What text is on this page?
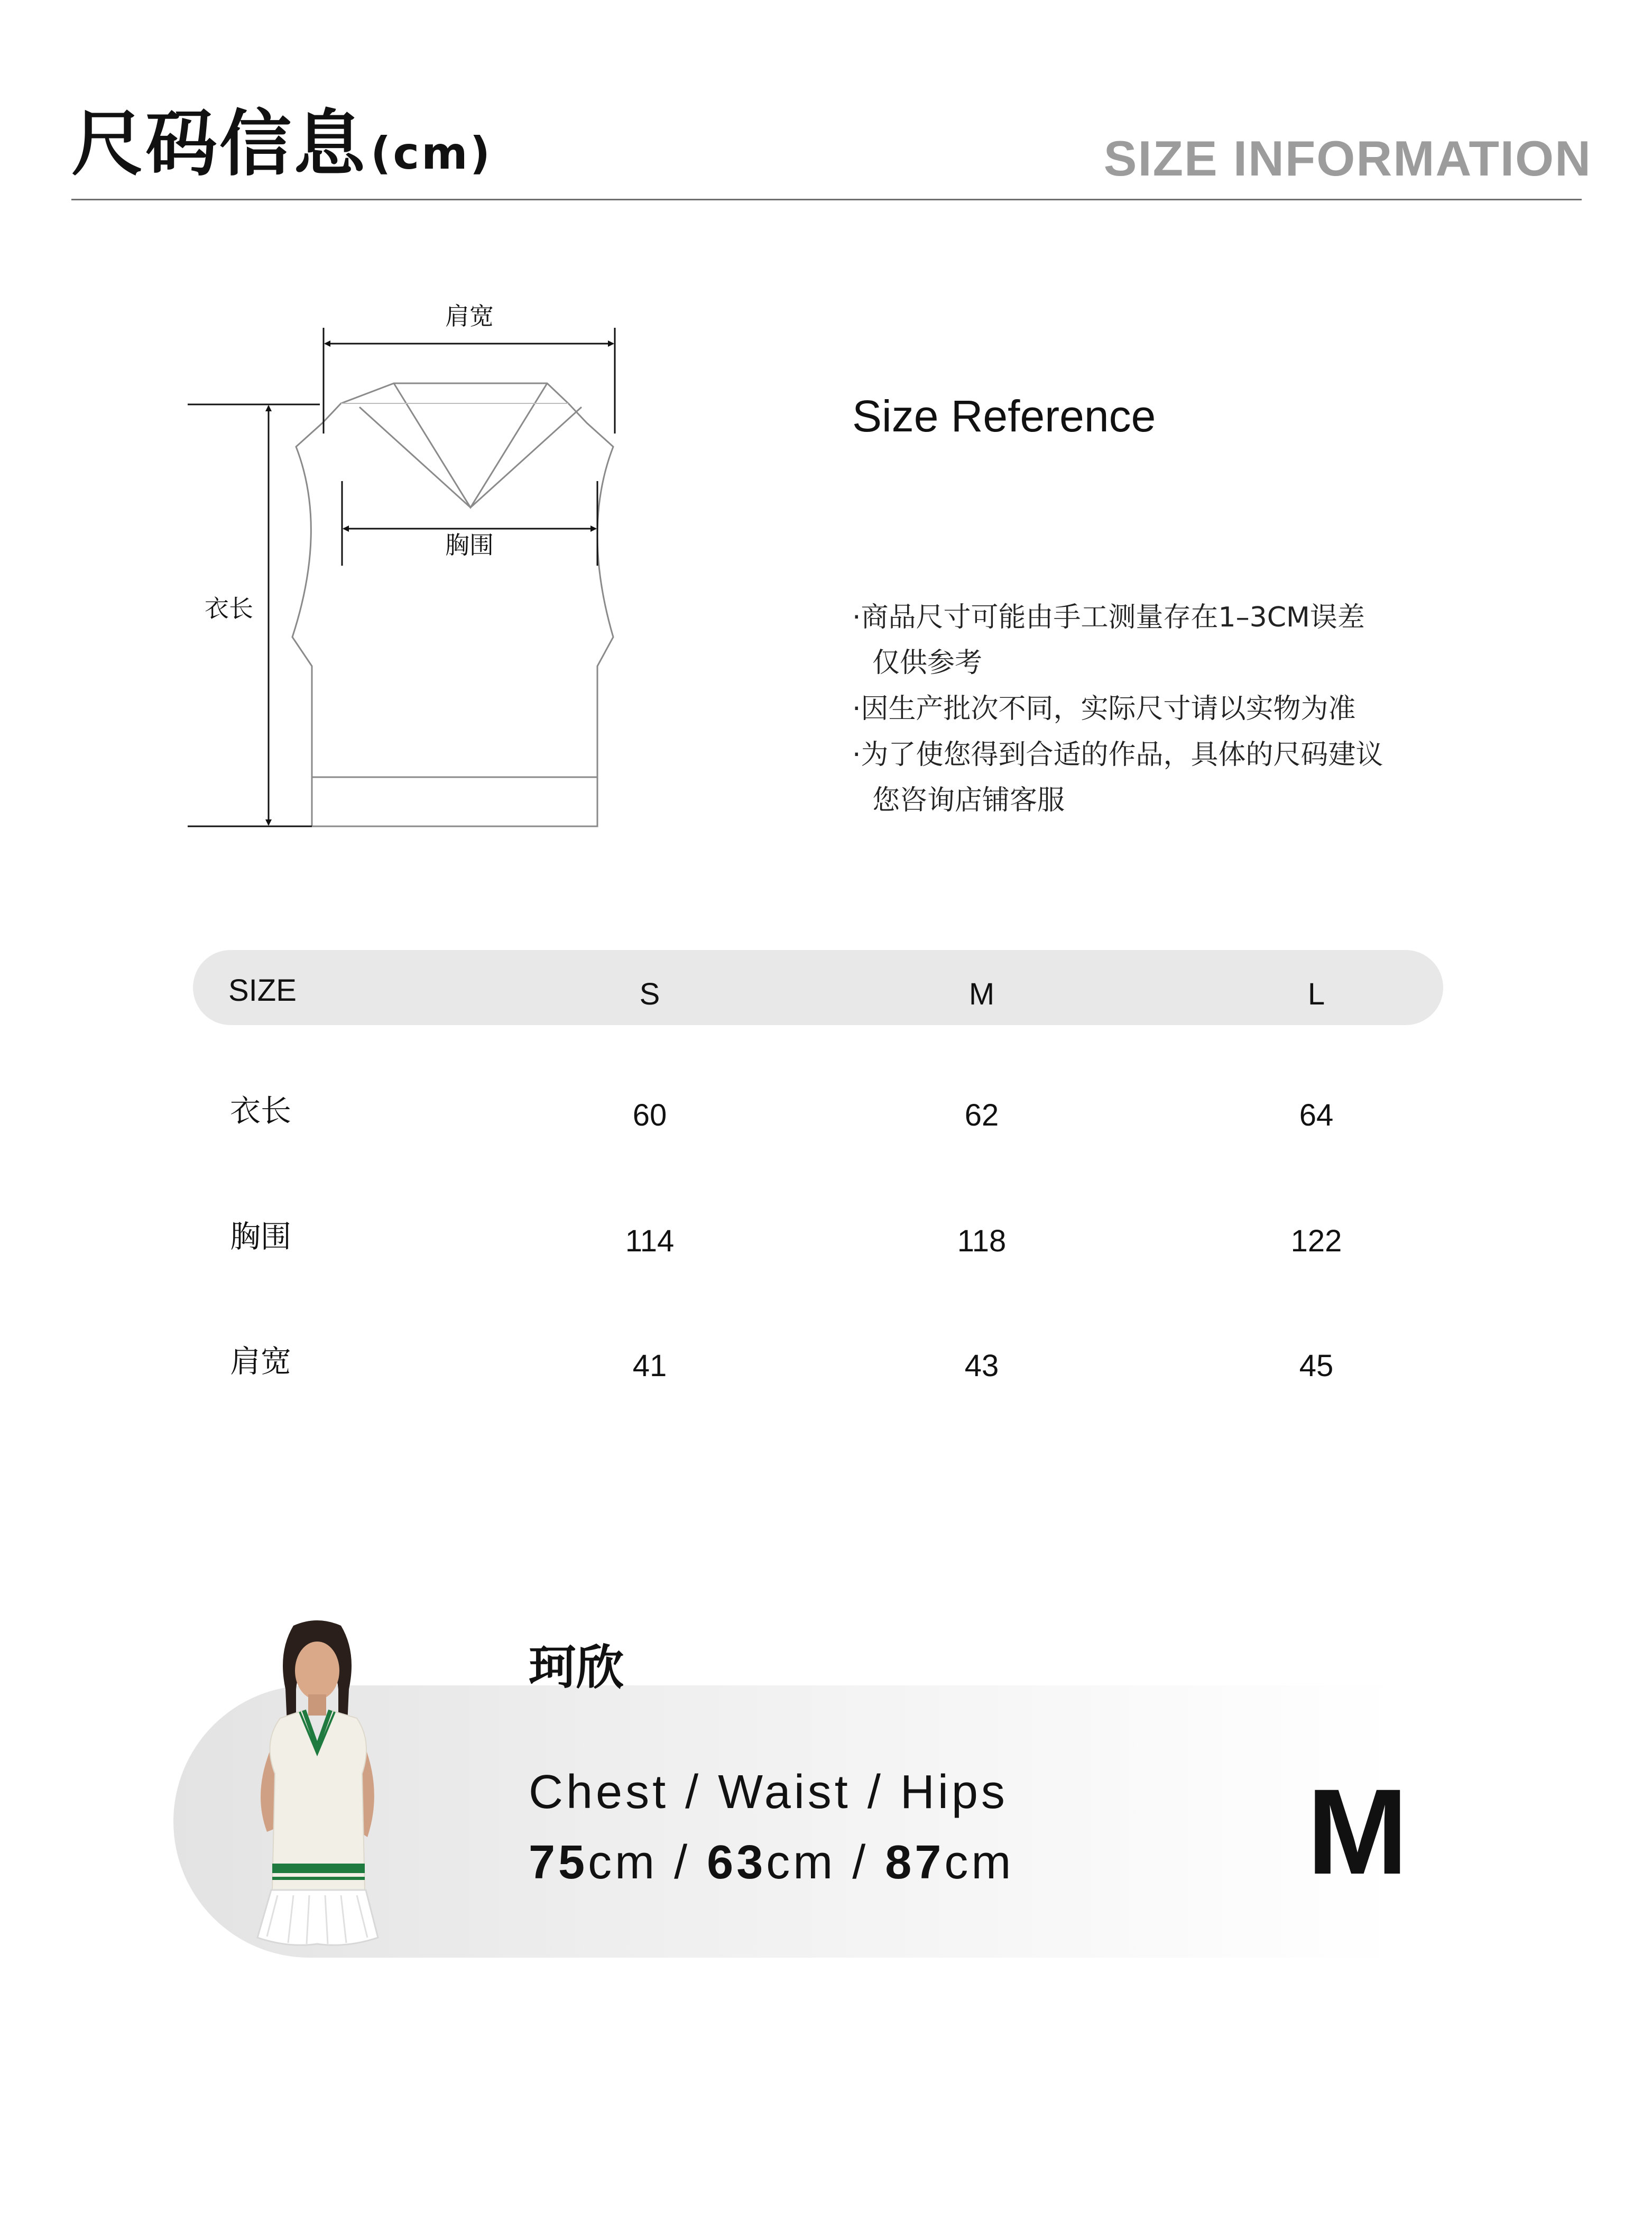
尺码信息(cm)	SIZE INFORMATION
肩宽
胸围
衣长
Size Reference
·商品尺寸可能由手工测量存在1–3CM误差
仅供参考
·因生产批次不同，实际尺寸请以实物为准
·为了使您得到合适的作品，具体的尺码建议
您咨询店铺客服
SIZE	S	M	L
衣长	60	62	64
胸围	114	118	122
肩宽	41	43	45
珂欣
Chest / Waist / Hips
75cm / 63cm / 87cm M
